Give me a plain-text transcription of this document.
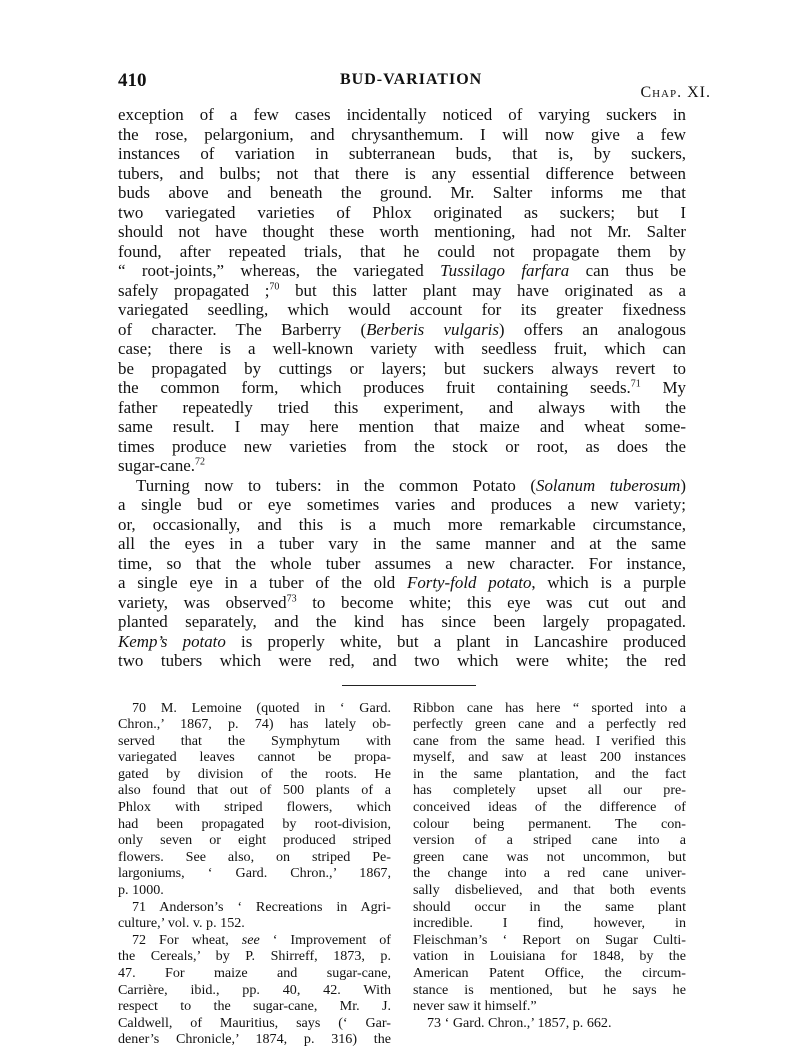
410	BUD-VARIATION
Chap. XI.
exception of a few cases incidentally noticed of varying suckers in
the rose, pelargonium, and chrysanthemum. I will now give a few
instances of variation in subterranean buds, that is, by suckers,
tubers, and bulbs; not that there is any essential difference between
buds above and beneath the ground. Mr. Salter informs me that
two variegated varieties of Phlox originated as suckers; but I
should not have thought these worth mentioning, had not Mr. Salter
found, after repeated trials, that he could not propagate them by
“ root-joints,” whereas, the variegated Tussilago farfara can thus be
safely propagated ;$^{70}$ but this latter plant may have originated as a
variegated seedling, which would account for its greater fixedness
of character. The Barberry (Berberis vulgaris) offers an analogous
case; there is a well-known variety with seedless fruit, which can
be propagated by cuttings or layers; but suckers always revert to
the common form, which produces fruit containing seeds.$^{71}$ My
father repeatedly tried this experiment, and always with the
same result. I may here mention that maize and wheat some-
times produce new varieties from the stock or root, as does the
sugar-cane.$^{72}$
Turning now to tubers: in the common Potato (Solanum tuberosum)
a single bud or eye sometimes varies and produces a new variety;
or, occasionally, and this is a much more remarkable circumstance,
all the eyes in a tuber vary in the same manner and at the same
time, so that the whole tuber assumes a new character. For instance,
a single eye in a tuber of the old Forty-fold potato, which is a purple
variety, was observed$^{73}$ to become white; this eye was cut out and
planted separately, and the kind has since been largely propagated.
Kemp’s potato is properly white, but a plant in Lancashire produced
two tubers which were red, and two which were white; the red
70 M. Lemoine (quoted in ‘ Gard.
Chron.,’ 1867, p. 74) has lately ob-
served that the Symphytum with
variegated leaves cannot be propa-
gated by division of the roots. He
also found that out of 500 plants of a
Phlox with striped flowers, which
had been propagated by root-division,
only seven or eight produced striped
flowers. See also, on striped Pe-
largoniums, ‘ Gard. Chron.,’ 1867,
p. 1000.
71 Anderson’s ‘ Recreations in Agri-
culture,’ vol. v. p. 152.
72 For wheat, see ‘ Improvement of
the Cereals,’ by P. Shirreff, 1873, p.
47. For maize and sugar-cane,
Carrière, ibid., pp. 40, 42. With
respect to the sugar-cane, Mr. J.
Caldwell, of Mauritius, says (‘ Gar-
dener’s Chronicle,’ 1874, p. 316) the
Ribbon cane has here “ sported into a
perfectly green cane and a perfectly red
cane from the same head. I verified this
myself, and saw at least 200 instances
in the same plantation, and the fact
has completely upset all our pre-
conceived ideas of the difference of
colour being permanent. The con-
version of a striped cane into a
green cane was not uncommon, but
the change into a red cane univer-
sally disbelieved, and that both events
should occur in the same plant
incredible. I find, however, in
Fleischman’s ‘ Report on Sugar Culti-
vation in Louisiana for 1848, by the
American Patent Office, the circum-
stance is mentioned, but he says he
never saw it himself.”
73 ‘ Gard. Chron.,’ 1857, p. 662.
